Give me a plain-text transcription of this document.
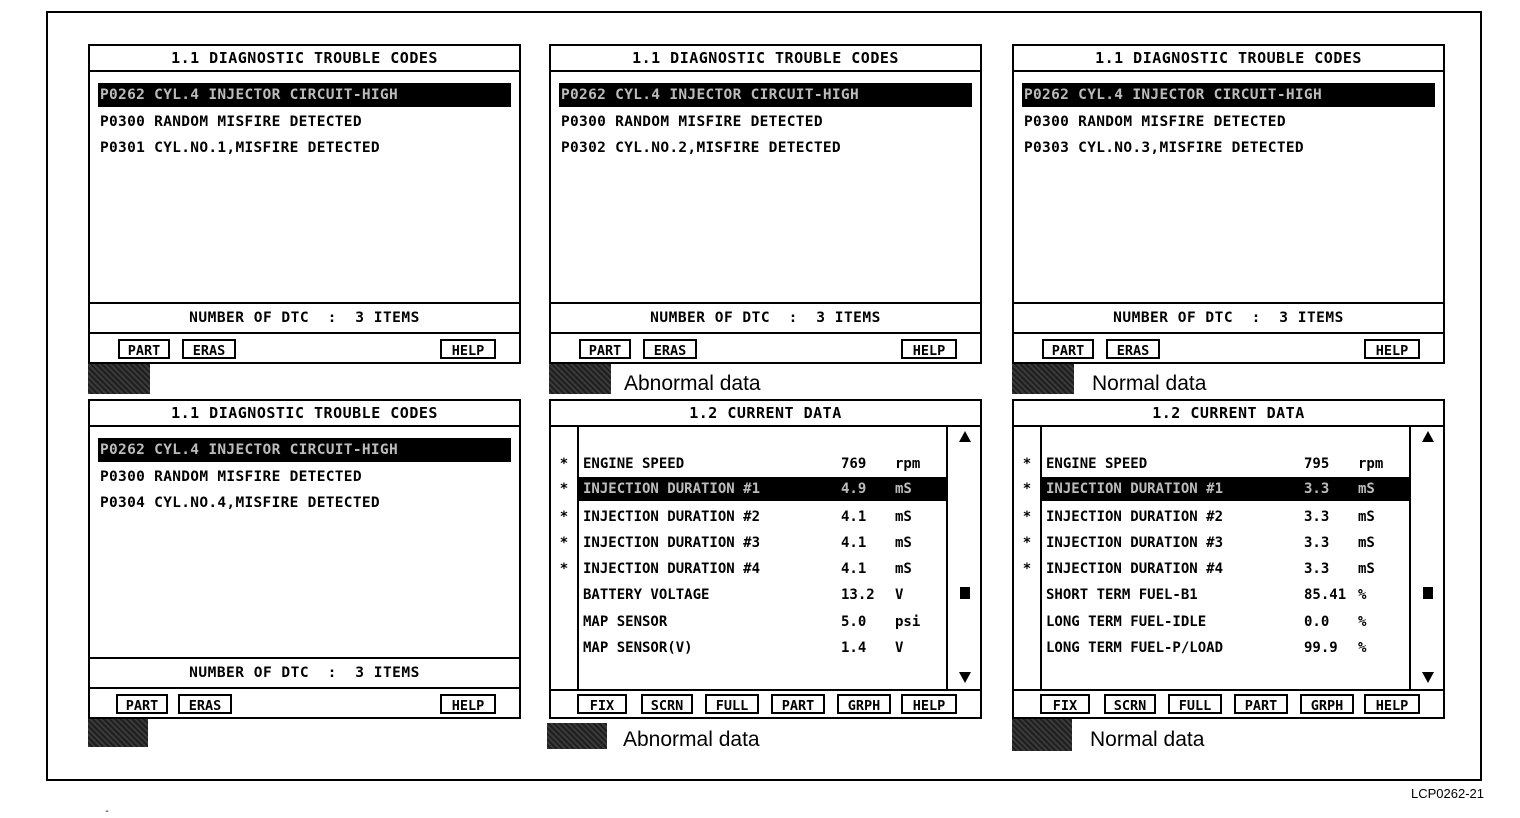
1.1 DIAGNOSTIC TROUBLE CODES
P0262 CYL.4 INJECTOR CIRCUIT-HIGH
P0300 RANDOM MISFIRE DETECTED
P0301 CYL.NO.1,MISFIRE DETECTED
NUMBER OF DTC  :  3 ITEMS
PART	ERAS	HELP
1.1 DIAGNOSTIC TROUBLE CODES
P0262 CYL.4 INJECTOR CIRCUIT-HIGH
P0300 RANDOM MISFIRE DETECTED
P0302 CYL.NO.2,MISFIRE DETECTED
NUMBER OF DTC  :  3 ITEMS
PART	ERAS	HELP
Abnormal data
1.1 DIAGNOSTIC TROUBLE CODES
P0262 CYL.4 INJECTOR CIRCUIT-HIGH
P0300 RANDOM MISFIRE DETECTED
P0303 CYL.NO.3,MISFIRE DETECTED
NUMBER OF DTC  :  3 ITEMS
PART	ERAS	HELP
Normal data
1.1 DIAGNOSTIC TROUBLE CODES
P0262 CYL.4 INJECTOR CIRCUIT-HIGH
P0300 RANDOM MISFIRE DETECTED
P0304 CYL.NO.4,MISFIRE DETECTED
NUMBER OF DTC  :  3 ITEMS
PART	ERAS	HELP
1.2 CURRENT DATA
* ENGINE SPEED	769 rpm
* INJECTION DURATION #1	4.9 mS
* INJECTION DURATION #2	4.1 mS
* INJECTION DURATION #3	4.1 mS
* INJECTION DURATION #4	4.1 mS
BATTERY VOLTAGE	13.2 V
MAP SENSOR	5.0 psi
MAP SENSOR(V)	1.4 V
FIX	SCRN	FULL	PART	GRPH	HELP
Abnormal data
1.2 CURRENT DATA
* ENGINE SPEED	795 rpm
* INJECTION DURATION #1	3.3 mS
* INJECTION DURATION #2	3.3 mS
* INJECTION DURATION #3	3.3 mS
* INJECTION DURATION #4	3.3 mS
SHORT TERM FUEL-B1	85.41 %
LONG TERM FUEL-IDLE	0.0 %
LONG TERM FUEL-P/LOAD	99.9 %
FIX	SCRN	FULL	PART	GRPH	HELP
Normal data
LCP0262-21
-
